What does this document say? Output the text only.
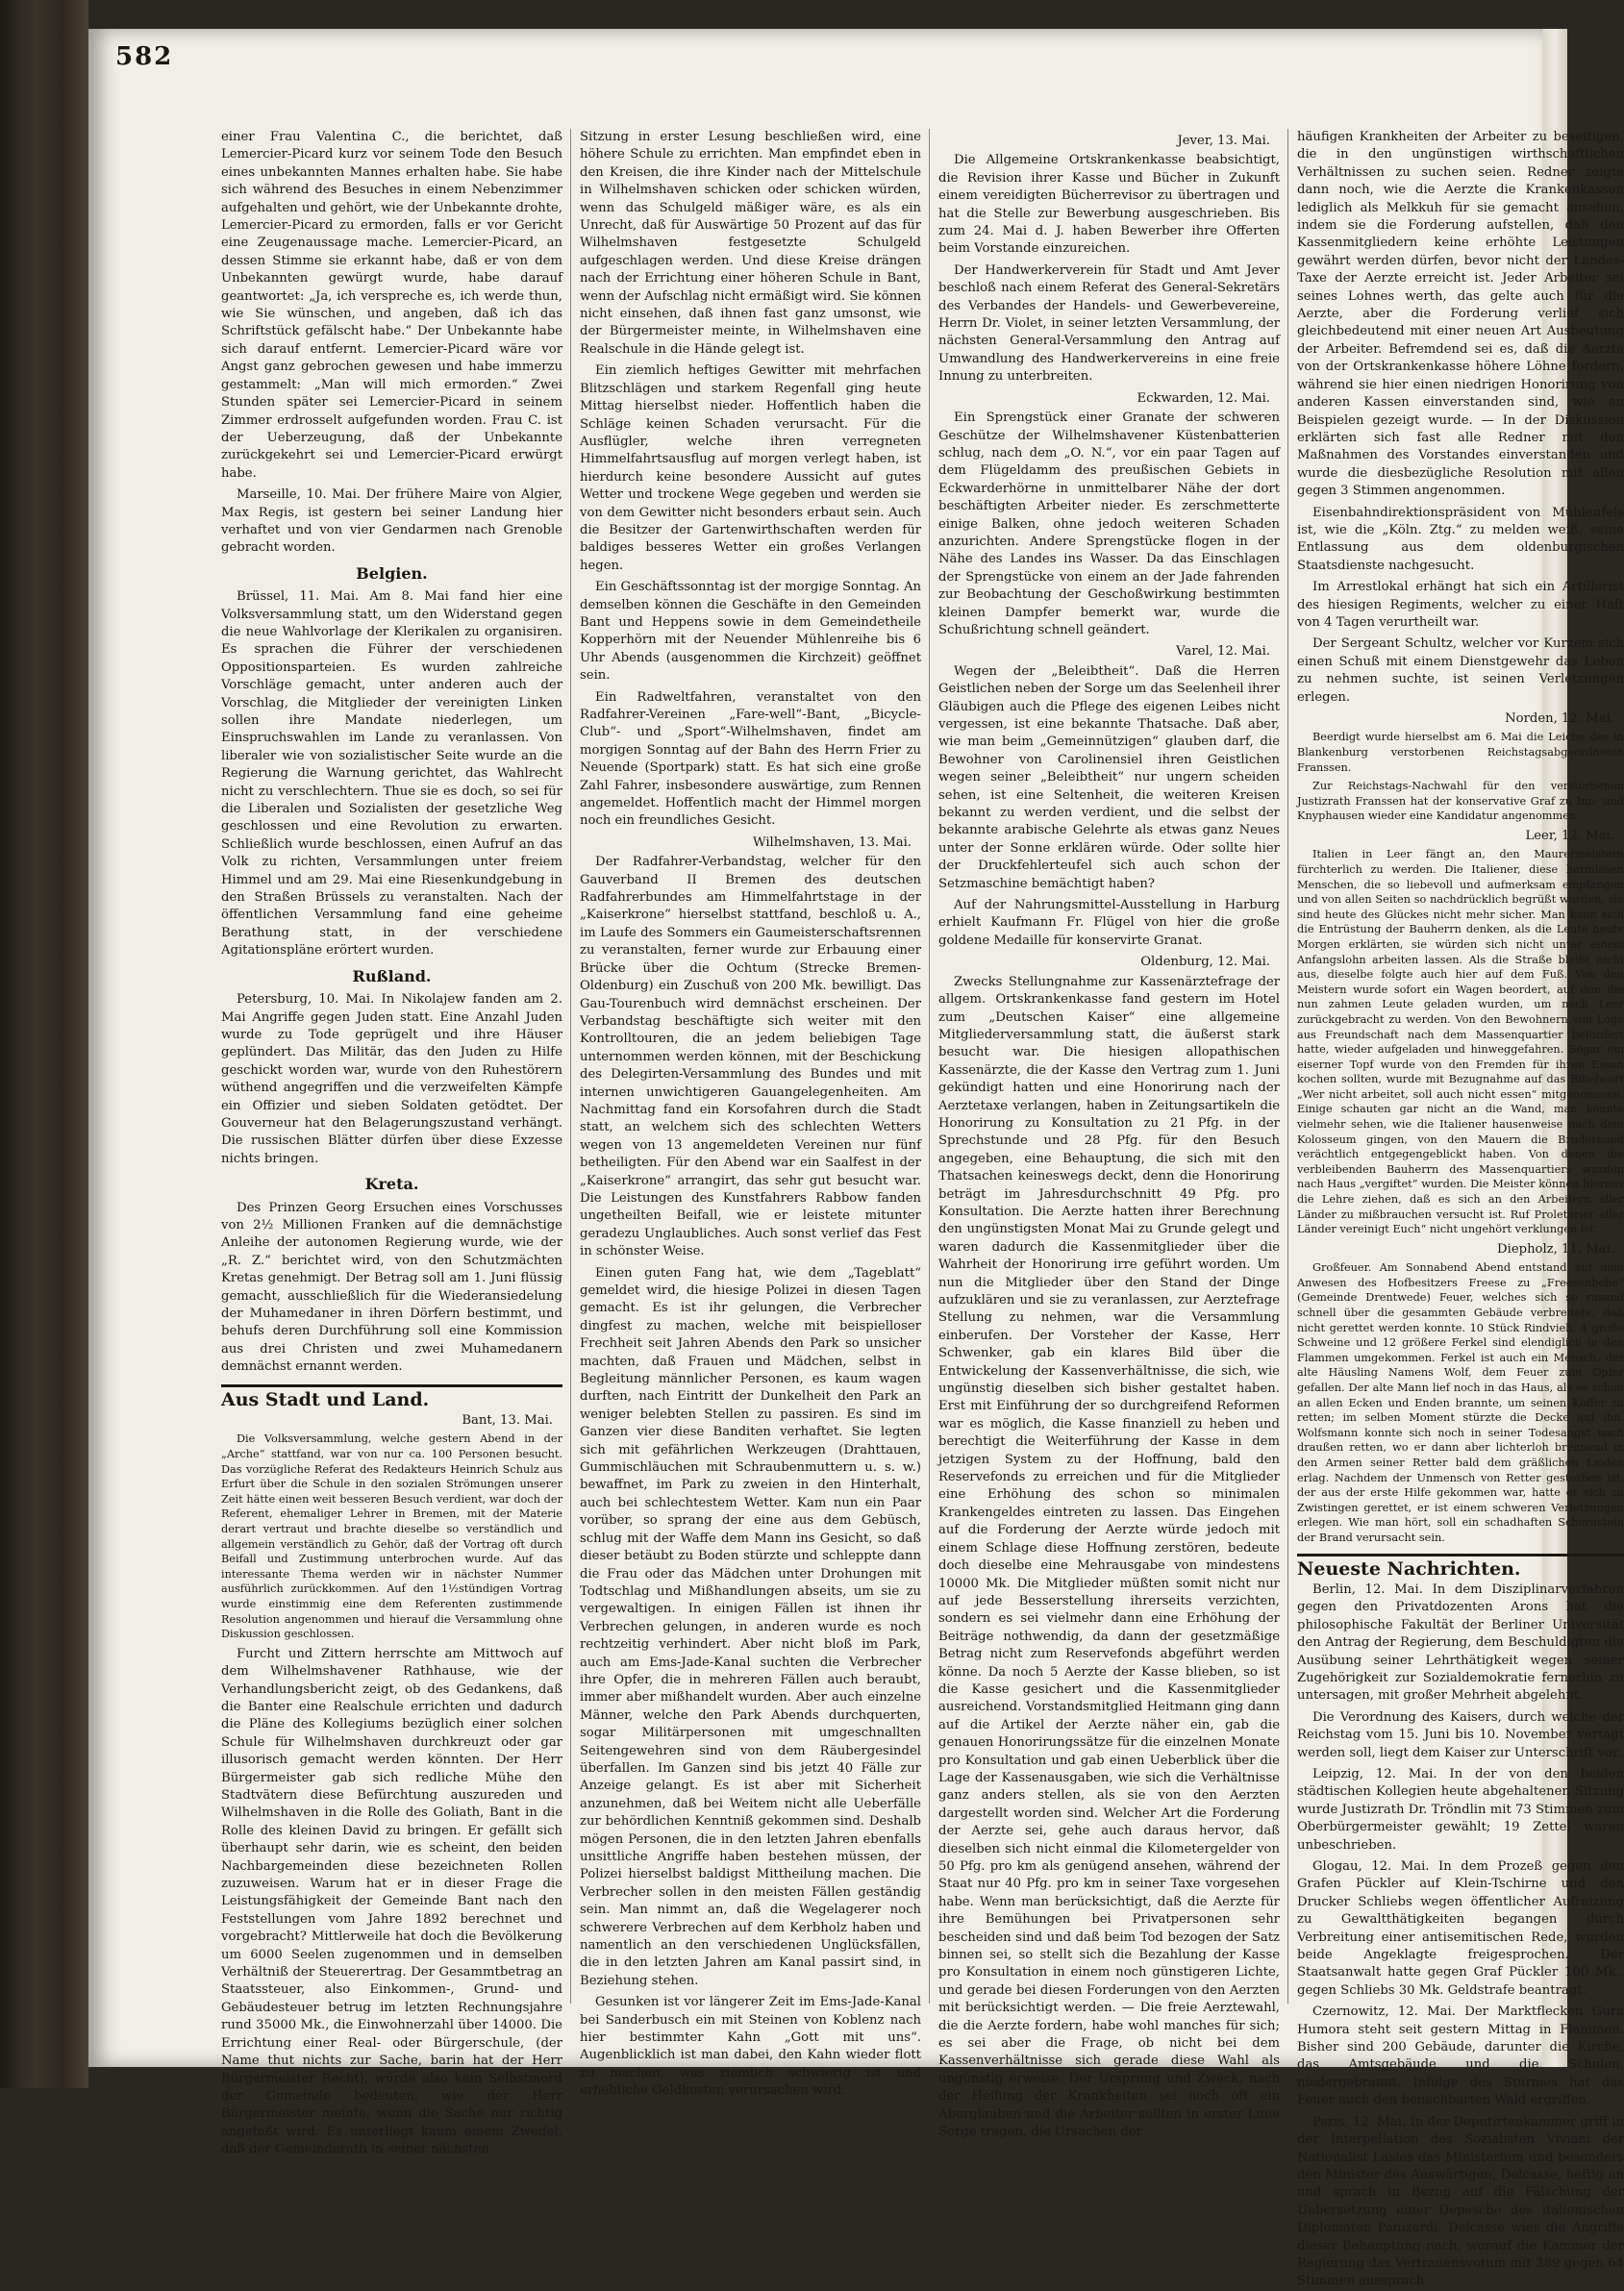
582

einer Frau Valentina C., die berichtet, daß Lemercier-Picard kurz vor seinem Tode den Besuch eines unbekannten Mannes erhalten habe. Sie habe sich während des Besuches in einem Nebenzimmer aufgehalten und gehört, wie der Unbekannte drohte, Lemercier-Picard zu ermorden, falls er vor Gericht eine Zeugenaussage mache. Lemercier-Picard, an dessen Stimme sie erkannt habe, daß er von dem Unbekannten gewürgt wurde, habe darauf geantwortet: „Ja, ich verspreche es, ich werde thun, wie Sie wünschen, und angeben, daß ich das Schriftstück gefälscht habe.“ Der Unbekannte habe sich darauf entfernt. Lemercier-Picard wäre vor Angst ganz gebrochen gewesen und habe immerzu gestammelt: „Man will mich ermorden.“ Zwei Stunden später sei Lemercier-Picard in seinem Zimmer erdrosselt aufgefunden worden. Frau C. ist der Ueberzeugung, daß der Unbekannte zurückgekehrt sei und Lemercier-Picard erwürgt habe.

Marseille, 10. Mai. Der frühere Maire von Algier, Max Regis, ist gestern bei seiner Landung hier verhaftet und von vier Gendarmen nach Grenoble gebracht worden.

Belgien.

Brüssel, 11. Mai. Am 8. Mai fand hier eine Volksversammlung statt, um den Widerstand gegen die neue Wahlvorlage der Klerikalen zu organisiren. Es sprachen die Führer der verschiedenen Oppositionsparteien. Es wurden zahlreiche Vorschläge gemacht, unter anderen auch der Vorschlag, die Mitglieder der vereinigten Linken sollen ihre Mandate niederlegen, um Einspruchswahlen im Lande zu veranlassen. Von liberaler wie von sozialistischer Seite wurde an die Regierung die Warnung gerichtet, das Wahlrecht nicht zu verschlechtern. Thue sie es doch, so sei für die Liberalen und Sozialisten der gesetzliche Weg geschlossen und eine Revolution zu erwarten. Schließlich wurde beschlossen, einen Aufruf an das Volk zu richten, Versammlungen unter freiem Himmel und am 29. Mai eine Riesenkundgebung in den Straßen Brüssels zu veranstalten. Nach der öffentlichen Versammlung fand eine geheime Berathung statt, in der verschiedene Agitationspläne erörtert wurden.

Rußland.

Petersburg, 10. Mai. In Nikolajew fanden am 2. Mai Angriffe gegen Juden statt. Eine Anzahl Juden wurde zu Tode geprügelt und ihre Häuser geplündert. Das Militär, das den Juden zu Hilfe geschickt worden war, wurde von den Ruhestörern wüthend angegriffen und die verzweifelten Kämpfe ein Offizier und sieben Soldaten getödtet. Der Gouverneur hat den Belagerungszustand verhängt. Die russischen Blätter dürfen über diese Exzesse nichts bringen.

Kreta.

Des Prinzen Georg Ersuchen eines Vorschusses von 2½ Millionen Franken auf die demnächstige Anleihe der autonomen Regierung wurde, wie der „R. Z.“ berichtet wird, von den Schutzmächten Kretas genehmigt. Der Betrag soll am 1. Juni flüssig gemacht, ausschließlich für die Wiederansiedelung der Muhamedaner in ihren Dörfern bestimmt, und behufs deren Durchführung soll eine Kommission aus drei Christen und zwei Muhamedanern demnächst ernannt werden.

Aus Stadt und Land.
Bant, 13. Mai.

Die Volksversammlung, welche gestern Abend in der „Arche“ stattfand, war von nur ca. 100 Personen besucht. Das vorzügliche Referat des Redakteurs Heinrich Schulz aus Erfurt über die Schule in den sozialen Strömungen unserer Zeit hätte einen weit besseren Besuch verdient, war doch der Referent, ehemaliger Lehrer in Bremen, mit der Materie derart vertraut und brachte dieselbe so verständlich und allgemein verständlich zu Gehör, daß der Vortrag oft durch Beifall und Zustimmung unterbrochen wurde. Auf das interessante Thema werden wir in nächster Nummer ausführlich zurückkommen. Auf den 1½stündigen Vortrag wurde einstimmig eine dem Referenten zustimmende Resolution angenommen und hierauf die Versammlung ohne Diskussion geschlossen.

Furcht und Zittern herrschte am Mittwoch auf dem Wilhelmshavener Rathhause, wie der Verhandlungsbericht zeigt, ob des Gedankens, daß die Banter eine Realschule errichten und dadurch die Pläne des Kollegiums bezüglich einer solchen Schule für Wilhelmshaven durchkreuzt oder gar illusorisch gemacht werden könnten. Der Herr Bürgermeister gab sich redliche Mühe den Stadtvätern diese Befürchtung auszureden und Wilhelmshaven in die Rolle des Goliath, Bant in die Rolle des kleinen David zu bringen. Er gefällt sich überhaupt sehr darin, wie es scheint, den beiden Nachbargemeinden diese bezeichneten Rollen zuzuweisen. Warum hat er in dieser Frage die Leistungsfähigkeit der Gemeinde Bant nach den Feststellungen vom Jahre 1892 berechnet und vorgebracht? Mittlerweile hat doch die Bevölkerung um 6000 Seelen zugenommen und in demselben Verhältniß der Steuerertrag. Der Gesammtbetrag an Staatssteuer, also Einkommen-, Grund- und Gebäudesteuer betrug im letzten Rechnungsjahre rund 35000 Mk., die Einwohnerzahl über 14000. Die Errichtung einer Real- oder Bürgerschule, (der Name thut nichts zur Sache, barin hat der Herr Bürgermeister Recht), würde also kein Selbstmord der Gemeinde bedeuten, wie der Herr Bürgermeister meinte, wenn die Sache nur richtig angefaßt wird. Es unterliegt kaum einem Zweifel, daß der Gemeinderath in seiner nächsten

Sitzung in erster Lesung beschließen wird, eine höhere Schule zu errichten. Man empfindet eben in den Kreisen, die ihre Kinder nach der Mittelschule in Wilhelmshaven schicken oder schicken würden, wenn das Schulgeld mäßiger wäre, es als ein Unrecht, daß für Auswärtige 50 Prozent auf das für Wilhelmshaven festgesetzte Schulgeld aufgeschlagen werden. Und diese Kreise drängen nach der Errichtung einer höheren Schule in Bant, wenn der Aufschlag nicht ermäßigt wird. Sie können nicht einsehen, daß ihnen fast ganz umsonst, wie der Bürgermeister meinte, in Wilhelmshaven eine Realschule in die Hände gelegt ist.

Ein ziemlich heftiges Gewitter mit mehrfachen Blitzschlägen und starkem Regenfall ging heute Mittag hierselbst nieder. Hoffentlich haben die Schläge keinen Schaden verursacht. Für die Ausflügler, welche ihren verregneten Himmelfahrtsausflug auf morgen verlegt haben, ist hierdurch keine besondere Aussicht auf gutes Wetter und trockene Wege gegeben und werden sie von dem Gewitter nicht besonders erbaut sein. Auch die Besitzer der Gartenwirthschaften werden für baldiges besseres Wetter ein großes Verlangen hegen.

Ein Geschäftssonntag ist der morgige Sonntag. An demselben können die Geschäfte in den Gemeinden Bant und Heppens sowie in dem Gemeindetheile Kopperhörn mit der Neuender Mühlenreihe bis 6 Uhr Abends (ausgenommen die Kirchzeit) geöffnet sein.

Ein Radweltfahren, veranstaltet von den Radfahrer-Vereinen „Fare-well“-Bant, „Bicycle-Club“- und „Sport“-Wilhelmshaven, findet am morgigen Sonntag auf der Bahn des Herrn Frier zu Neuende (Sportpark) statt. Es hat sich eine große Zahl Fahrer, insbesondere auswärtige, zum Rennen angemeldet. Hoffentlich macht der Himmel morgen noch ein freundliches Gesicht.

Wilhelmshaven, 13. Mai.

Der Radfahrer-Verbandstag, welcher für den Gauverband II Bremen des deutschen Radfahrerbundes am Himmelfahrtstage in der „Kaiserkrone“ hierselbst stattfand, beschloß u. A., im Laufe des Sommers ein Gaumeisterschaftsrennen zu veranstalten, ferner wurde zur Erbauung einer Brücke über die Ochtum (Strecke Bremen-Oldenburg) ein Zuschuß von 200 Mk. bewilligt. Das Gau-Tourenbuch wird demnächst erscheinen. Der Verbandstag beschäftigte sich weiter mit den Kontrolltouren, die an jedem beliebigen Tage unternommen werden können, mit der Beschickung des Delegirten-Versammlung des Bundes und mit internen unwichtigeren Gauangelegenheiten. Am Nachmittag fand ein Korsofahren durch die Stadt statt, an welchem sich des schlechten Wetters wegen von 13 angemeldeten Vereinen nur fünf betheiligten. Für den Abend war ein Saalfest in der „Kaiserkrone“ arrangirt, das sehr gut besucht war. Die Leistungen des Kunstfahrers Rabbow fanden ungetheilten Beifall, wie er leistete mitunter geradezu Unglaubliches. Auch sonst verlief das Fest in schönster Weise.

Einen guten Fang hat, wie dem „Tageblatt“ gemeldet wird, die hiesige Polizei in diesen Tagen gemacht. Es ist ihr gelungen, die Verbrecher dingfest zu machen, welche mit beispielloser Frechheit seit Jahren Abends den Park so unsicher machten, daß Frauen und Mädchen, selbst in Begleitung männlicher Personen, es kaum wagen durften, nach Eintritt der Dunkelheit den Park an weniger belebten Stellen zu passiren. Es sind im Ganzen vier diese Banditen verhaftet. Sie legten sich mit gefährlichen Werkzeugen (Drahttauen, Gummischläuchen mit Schraubenmuttern u. s. w.) bewaffnet, im Park zu zweien in den Hinterhalt, auch bei schlechtestem Wetter. Kam nun ein Paar vorüber, so sprang der eine aus dem Gebüsch, schlug mit der Waffe dem Mann ins Gesicht, so daß dieser betäubt zu Boden stürzte und schleppte dann die Frau oder das Mädchen unter Drohungen mit Todtschlag und Mißhandlungen abseits, um sie zu vergewaltigen. In einigen Fällen ist ihnen ihr Verbrechen gelungen, in anderen wurde es noch rechtzeitig verhindert. Aber nicht bloß im Park, auch am Ems-Jade-Kanal suchten die Verbrecher ihre Opfer, die in mehreren Fällen auch beraubt, immer aber mißhandelt wurden. Aber auch einzelne Männer, welche den Park Abends durchquerten, sogar Militärpersonen mit umgeschnallten Seitengewehren sind von dem Räubergesindel überfallen. Im Ganzen sind bis jetzt 40 Fälle zur Anzeige gelangt. Es ist aber mit Sicherheit anzunehmen, daß bei Weitem nicht alle Ueberfälle zur behördlichen Kenntniß gekommen sind. Deshalb mögen Personen, die in den letzten Jahren ebenfalls unsittliche Angriffe haben bestehen müssen, der Polizei hierselbst baldigst Mittheilung machen. Die Verbrecher sollen in den meisten Fällen geständig sein. Man nimmt an, daß die Wegelagerer noch schwerere Verbrechen auf dem Kerbholz haben und namentlich an den verschiedenen Unglücksfällen, die in den letzten Jahren am Kanal passirt sind, in Beziehung stehen.

Gesunken ist vor längerer Zeit im Ems-Jade-Kanal bei Sanderbusch ein mit Steinen von Koblenz nach hier bestimmter Kahn „Gott mit uns“. Augenblicklich ist man dabei, den Kahn wieder flott zu machen, was ziemlich schwierig ist und erhebliche Geldkosten verursachen wird.

Jever, 13. Mai.

Die Allgemeine Ortskrankenkasse beabsichtigt, die Revision ihrer Kasse und Bücher in Zukunft einem vereidigten Bücherrevisor zu übertragen und hat die Stelle zur Bewerbung ausgeschrieben. Bis zum 24. Mai d. J. haben Bewerber ihre Offerten beim Vorstande einzureichen.

Der Handwerkerverein für Stadt und Amt Jever beschloß nach einem Referat des General-Sekretärs des Verbandes der Handels- und Gewerbevereine, Herrn Dr. Violet, in seiner letzten Versammlung, der nächsten General-Versammlung den Antrag auf Umwandlung des Handwerkervereins in eine freie Innung zu unterbreiten.

Eckwarden, 12. Mai.

Ein Sprengstück einer Granate der schweren Geschütze der Wilhelmshavener Küstenbatterien schlug, nach dem „O. N.“, vor ein paar Tagen auf dem Flügeldamm des preußischen Gebiets in Eckwarderhörne in unmittelbarer Nähe der dort beschäftigten Arbeiter nieder. Es zerschmetterte einige Balken, ohne jedoch weiteren Schaden anzurichten. Andere Sprengstücke flogen in der Nähe des Landes ins Wasser. Da das Einschlagen der Sprengstücke von einem an der Jade fahrenden zur Beobachtung der Geschoßwirkung bestimmten kleinen Dampfer bemerkt war, wurde die Schußrichtung schnell geändert.

Varel, 12. Mai.

Wegen der „Beleibtheit“. Daß die Herren Geistlichen neben der Sorge um das Seelenheil ihrer Gläubigen auch die Pflege des eigenen Leibes nicht vergessen, ist eine bekannte Thatsache. Daß aber, wie man beim „Gemeinnützigen“ glauben darf, die Bewohner von Carolinensiel ihren Geistlichen wegen seiner „Beleibtheit“ nur ungern scheiden sehen, ist eine Seltenheit, die weiteren Kreisen bekannt zu werden verdient, und die selbst der bekannte arabische Gelehrte als etwas ganz Neues unter der Sonne erklären würde. Oder sollte hier der Druckfehlerteufel sich auch schon der Setzmaschine bemächtigt haben?

Auf der Nahrungsmittel-Ausstellung in Harburg erhielt Kaufmann Fr. Flügel von hier die große goldene Medaille für konservirte Granat.

Oldenburg, 12. Mai.

Zwecks Stellungnahme zur Kassenärztefrage der allgem. Ortskrankenkasse fand gestern im Hotel zum „Deutschen Kaiser“ eine allgemeine Mitgliederversammlung statt, die äußerst stark besucht war. Die hiesigen allopathischen Kassenärzte, die der Kasse den Vertrag zum 1. Juni gekündigt hatten und eine Honorirung nach der Aerztetaxe verlangen, haben in Zeitungsartikeln die Honorirung zu Konsultation zu 21 Pfg. in der Sprechstunde und 28 Pfg. für den Besuch angegeben, eine Behauptung, die sich mit den Thatsachen keineswegs deckt, denn die Honorirung beträgt im Jahresdurchschnitt 49 Pfg. pro Konsultation. Die Aerzte hatten ihrer Berechnung den ungünstigsten Monat Mai zu Grunde gelegt und waren dadurch die Kassenmitglieder über die Wahrheit der Honorirung irre geführt worden. Um nun die Mitglieder über den Stand der Dinge aufzuklären und sie zu veranlassen, zur Aerztefrage Stellung zu nehmen, war die Versammlung einberufen. Der Vorsteher der Kasse, Herr Schwenker, gab ein klares Bild über die Entwickelung der Kassenverhältnisse, die sich, wie ungünstig dieselben sich bisher gestaltet haben. Erst mit Einführung der so durchgreifend Reformen war es möglich, die Kasse finanziell zu heben und berechtigt die Weiterführung der Kasse in dem jetzigen System zu der Hoffnung, bald den Reservefonds zu erreichen und für die Mitglieder eine Erhöhung des schon so minimalen Krankengeldes eintreten zu lassen. Das Eingehen auf die Forderung der Aerzte würde jedoch mit einem Schlage diese Hoffnung zerstören, bedeute doch dieselbe eine Mehrausgabe von mindestens 10000 Mk. Die Mitglieder müßten somit nicht nur auf jede Besserstellung ihrerseits verzichten, sondern es sei vielmehr dann eine Erhöhung der Beiträge nothwendig, da dann der gesetzmäßige Betrag nicht zum Reservefonds abgeführt werden könne. Da noch 5 Aerzte der Kasse blieben, so ist die Kasse gesichert und die Kassenmitglieder ausreichend. Vorstandsmitglied Heitmann ging dann auf die Artikel der Aerzte näher ein, gab die genauen Honorirungssätze für die einzelnen Monate pro Konsultation und gab einen Ueberblick über die Lage der Kassenausgaben, wie sich die Verhältnisse ganz anders stellen, als sie von den Aerzten dargestellt worden sind. Welcher Art die Forderung der Aerzte sei, gehe auch daraus hervor, daß dieselben sich nicht einmal die Kilometergelder von 50 Pfg. pro km als genügend ansehen, während der Staat nur 40 Pfg. pro km in seiner Taxe vorgesehen habe. Wenn man berücksichtigt, daß die Aerzte für ihre Bemühungen bei Privatpersonen sehr bescheiden sind und daß beim Tod bezogen der Satz binnen sei, so stellt sich die Bezahlung der Kasse pro Konsultation in einem noch günstigeren Lichte, und gerade bei diesen Forderungen von den Aerzten mit berücksichtigt werden. — Die freie Aerztewahl, die die Aerzte fordern, habe wohl manches für sich; es sei aber die Frage, ob nicht bei dem Kassenverhältnisse sich gerade diese Wahl als ungünstig erweise. Der Ursprung und Zweck, nach der Heilung der Krankheiten sei noch oft ein Aberglauben und die Arbeiter sollten in erster Linie Sorge tragen, die Ursachen der

häufigen Krankheiten der Arbeiter zu beseitigen, die in den ungünstigen wirthschaftlichen Verhältnissen zu suchen seien. Redner zeigte dann noch, wie die Aerzte die Krankenkassen lediglich als Melkkuh für sie gemacht ansehen, indem sie die Forderung aufstellen, daß den Kassenmitgliedern keine erhöhte Leistungen gewährt werden dürfen, bevor nicht der Landes-Taxe der Aerzte erreicht ist. Jeder Arbeiter sei seines Lohnes werth, das gelte auch für die Aerzte, aber die Forderung verlief sich gleichbedeutend mit einer neuen Art Ausbeutung der Arbeiter. Befremdend sei es, daß die Aerzte von der Ortskrankenkasse höhere Löhne fordern, während sie hier einen niedrigen Honorirung von anderen Kassen einverstanden sind, wie an Beispielen gezeigt wurde. — In der Diskussion erklärten sich fast alle Redner mit den Maßnahmen des Vorstandes einverstanden und wurde die diesbezügliche Resolution mit allen gegen 3 Stimmen angenommen.

Eisenbahndirektionspräsident von Mühlenfels ist, wie die „Köln. Ztg.“ zu melden weiß, seine Entlassung aus dem oldenburgischen Staatsdienste nachgesucht.

Im Arrestlokal erhängt hat sich ein Artillerist des hiesigen Regiments, welcher zu einer Haft von 4 Tagen verurtheilt war.

Der Sergeant Schultz, welcher vor Kurzem sich einen Schuß mit einem Dienstgewehr das Leben zu nehmen suchte, ist seinen Verletzungen erlegen.

Norden, 12. Mai.

Beerdigt wurde hierselbst am 6. Mai die Leiche des in Blankenburg verstorbenen Reichstagsabgeordneten Franssen.

Zur Reichstags-Nachwahl für den verstorbenen Justizrath Franssen hat der konservative Graf zu Inn- und Knyphausen wieder eine Kandidatur angenommen.

Leer, 12. Mai.

Italien in Leer fängt an, den Maurermeistern fürchterlich zu werden. Die Italiener, diese harmlosen Menschen, die so liebevoll und aufmerksam empfangen und von allen Seiten so nachdrücklich begrüßt wurden, sie sind heute des Glückes nicht mehr sicher. Man kann sich die Entrüstung der Bauherrn denken, als die Leute heute Morgen erklärten, sie würden sich nicht unter einem Anfangslohn arbeiten lassen. Als die Straße bleibt nicht aus, dieselbe folgte auch hier auf dem Fuß. Von den Meistern wurde sofort ein Wagen beordert, auf den die nun zahmen Leute geladen wurden, um nach Leer zurückgebracht zu werden. Von den Bewohnern von Loga aus Freundschaft nach dem Massenquartier befördert hatte, wieder aufgeladen und hinweggefahren. Sogar ein eiserner Topf wurde von den Fremden für ihren Essen kochen sollten, wurde mit Bezugnahme auf das Bibelwort „Wer nicht arbeitet, soll auch nicht essen“ mitgenommen. Einige schauten gar nicht an die Wand, man konnte vielmehr sehen, wie die Italiener hausenweise nach dem Kolosseum gingen, von den Mauern die Bruderhand verächtlich entgegengeblickt haben. Von denen die verbleibenden Bauherrn des Massenquartiers wurden nach Haus „vergiftet“ wurden. Die Meister können hieraus die Lehre ziehen, daß es sich an den Arbeitern aller Länder zu mißbrauchen versucht ist. Ruf Proletarier aller Länder vereinigt Euch“ nicht ungehört verklungen ist.

Diepholz, 11. Mai.

Großfeuer. Am Sonnabend Abend entstand auf dem Anwesen des Hofbesitzers Freese zu „Freesenbohe“ (Gemeinde Drentwede) Feuer, welches sich so rasend schnell über die gesammten Gebäude verbreitete, daß nicht gerettet werden konnte. 10 Stück Rindvieh, 4 große Schweine und 12 größere Ferkel sind elendiglich in den Flammen umgekommen. Ferkel ist auch ein Mensch, der alte Häusling Namens Wolf, dem Feuer zum Opfer gefallen. Der alte Mann lief noch in das Haus, als es schon an allen Ecken und Enden brannte, um seinen Koffer zu retten; im selben Moment stürzte die Decke auf ihn. Wolfsmann konnte sich noch in seiner Todesangst nach draußen retten, wo er dann aber lichterloh brennend in den Armen seiner Retter bald dem gräßlichen Leiden erlag. Nachdem der Unmensch von Retter gestorben ist, der aus der erste Hilfe gekommen war, hatte er sich zu Zwistingen gerettet, er ist einem schweren Verletzungen erlegen. Wie man hört, soll ein schadhaften Schornstein der Brand verursacht sein.

Neueste Nachrichten.

Berlin, 12. Mai. In dem Disziplinarverfahren gegen den Privatdozenten Arons hat die philosophische Fakultät der Berliner Universität den Antrag der Regierung, dem Beschuldigten die Ausübung seiner Lehrthätigkeit wegen seiner Zugehörigkeit zur Sozialdemokratie fernerhin zu untersagen, mit großer Mehrheit abgelehnt.

Die Verordnung des Kaisers, durch welche der Reichstag vom 15. Juni bis 10. November vertagt werden soll, liegt dem Kaiser zur Unterschrift vor.

Leipzig, 12. Mai. In der von den beiden städtischen Kollegien heute abgehaltenen Sitzung wurde Justizrath Dr. Tröndlin mit 73 Stimmen zum Oberbürgermeister gewählt; 19 Zettel waren unbeschrieben.

Glogau, 12. Mai. In dem Prozeß gegen den Grafen Pückler auf Klein-Tschirne und den Drucker Schliebs wegen öffentlicher Aufreizung zu Gewaltthätigkeiten begangen durch Verbreitung einer antisemitischen Rede, wurden beide Angeklagte freigesprochen. Der Staatsanwalt hatte gegen Graf Pückler 100 Mk., gegen Schliebs 30 Mk. Geldstrafe beantragt.

Czernowitz, 12. Mai. Der Marktflecken Gura Humora steht seit gestern Mittag in Flammen. Bisher sind 200 Gebäude, darunter die Kirche, das Amtsgebäude und die Schulen, niedergebrannt. Infolge des Sturmes hat das Feuer auch den benachbarten Wald ergriffen.

Paris, 12. Mai. In der Deputirtenkammer griff in der Interpellation des Sozialisten Viviani der Nationalist Lasies das Ministerium und besonders den Minister des Auswärtigen, Delcasse, heftig an und sprach in Bezug auf die Fälschung der Uebersetzung einer Depesche des italienischen Diplomaten Panizardi. Delcasse wies die Angriffe dieser Behauptung nach, worauf die Kammer der Regierung das Vertrauensvotum mit 389 gegen 64 Stimmen aussprach.
